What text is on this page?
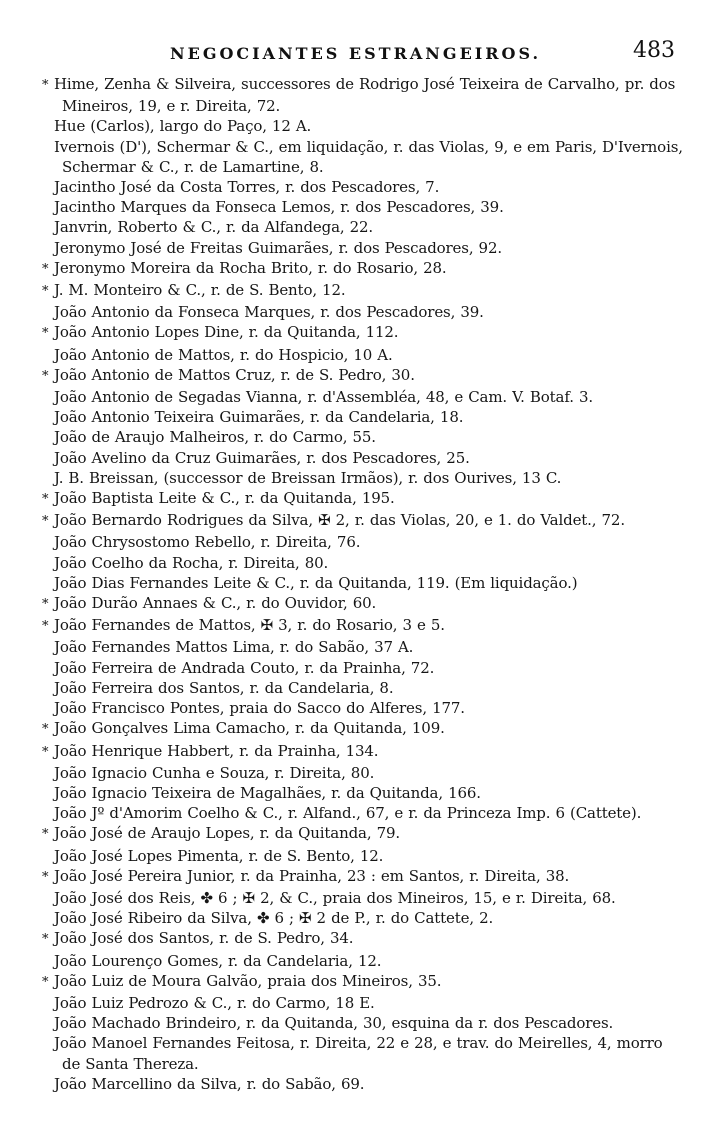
NEGOCIANTES ESTRANGEIROS.	483

* Hime, Zenha & Silveira, successores de Rodrigo José Teixeira de Carvalho, pr. dos Mineiros, 19, e r. Direita, 72.

Hue (Carlos), largo do Paço, 12 A.

Ivernois (D'), Schermar & C., em liquidação, r. das Violas, 9, e em Paris, D'Ivernois, Schermar & C., r. de Lamartine, 8.

Jacintho José da Costa Torres, r. dos Pescadores, 7.

Jacintho Marques da Fonseca Lemos, r. dos Pescadores, 39.

Janvrin, Roberto & C., r. da Alfandega, 22.

Jeronymo José de Freitas Guimarães, r. dos Pescadores, 92.

* Jeronymo Moreira da Rocha Brito, r. do Rosario, 28.

* J. M. Monteiro & C., r. de S. Bento, 12.

João Antonio da Fonseca Marques, r. dos Pescadores, 39.

* João Antonio Lopes Dine, r. da Quitanda, 112.

João Antonio de Mattos, r. do Hospicio, 10 A.

* João Antonio de Mattos Cruz, r. de S. Pedro, 30.

João Antonio de Segadas Vianna, r. d'Assembléa, 48, e Cam. V. Botaf. 3.

João Antonio Teixeira Guimarães, r. da Candelaria, 18.

João de Araujo Malheiros, r. do Carmo, 55.

João Avelino da Cruz Guimarães, r. dos Pescadores, 25.

J. B. Breissan, (successor de Breissan Irmãos), r. dos Ourives, 13 C.

* João Baptista Leite & C., r. da Quitanda, 195.

* João Bernardo Rodrigues da Silva, ✠ 2, r. das Violas, 20, e 1. do Valdet., 72.

João Chrysostomo Rebello, r. Direita, 76.

João Coelho da Rocha, r. Direita, 80.

João Dias Fernandes Leite & C., r. da Quitanda, 119. (Em liquidação.)

* João Durão Annaes & C., r. do Ouvidor, 60.

* João Fernandes de Mattos, ✠ 3, r. do Rosario, 3 e 5.

João Fernandes Mattos Lima, r. do Sabão, 37 A.

João Ferreira de Andrada Couto, r. da Prainha, 72.

João Ferreira dos Santos, r. da Candelaria, 8.

João Francisco Pontes, praia do Sacco do Alferes, 177.

* João Gonçalves Lima Camacho, r. da Quitanda, 109.

* João Henrique Habbert, r. da Prainha, 134.

João Ignacio Cunha e Souza, r. Direita, 80.

João Ignacio Teixeira de Magalhães, r. da Quitanda, 166.

João Jº d'Amorim Coelho & C., r. Alfand., 67, e r. da Princeza Imp. 6 (Cattete).

* João José de Araujo Lopes, r. da Quitanda, 79.

João José Lopes Pimenta, r. de S. Bento, 12.

* João José Pereira Junior, r. da Prainha, 23 : em Santos, r. Direita, 38.

João José dos Reis, ✤ 6 ; ✠ 2, & C., praia dos Mineiros, 15, e r. Direita, 68.

João José Ribeiro da Silva, ✤ 6 ; ✠ 2 de P., r. do Cattete, 2.

* João José dos Santos, r. de S. Pedro, 34.

João Lourenço Gomes, r. da Candelaria, 12.

* João Luiz de Moura Galvão, praia dos Mineiros, 35.

João Luiz Pedrozo & C., r. do Carmo, 18 E.

João Machado Brindeiro, r. da Quitanda, 30, esquina da r. dos Pescadores.

João Manoel Fernandes Feitosa, r. Direita, 22 e 28, e trav. do Meirelles, 4, morro de Santa Thereza.

João Marcellino da Silva, r. do Sabão, 69.
